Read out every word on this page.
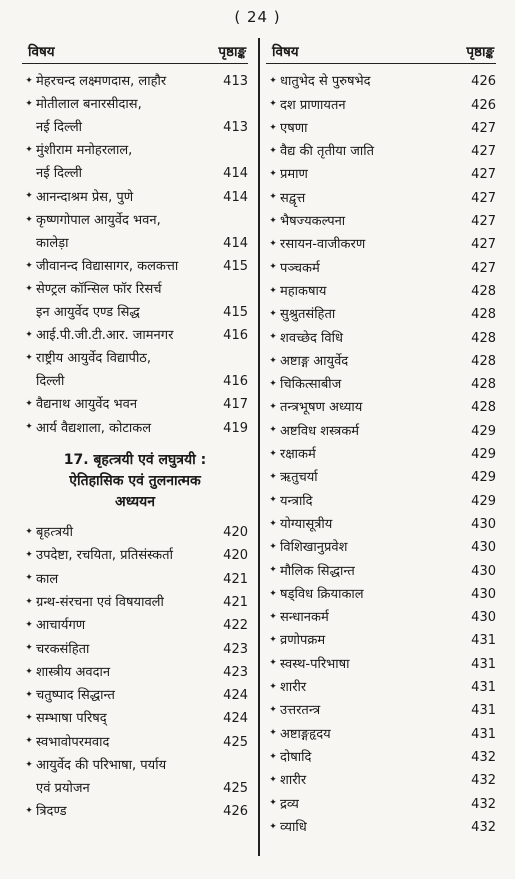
( 24 )
विषय	पृष्ठाङ्क
✦ मेहरचन्द लक्ष्मणदास, लाहौर	413
✦ मोतीलाल बनारसीदास,
नई दिल्ली	413
✦ मुंशीराम मनोहरलाल,
नई दिल्ली	414
✦ आनन्दाश्रम प्रेस, पुणे	414
✦ कृष्णगोपाल आयुर्वेद भवन,
कालेड़ा	414
✦ जीवानन्द विद्यासागर, कलकत्ता	415
✦ सेण्ट्रल कॉन्सिल फॉर रिसर्च
इन आयुर्वेद एण्ड सिद्ध	415
✦ आई.पी.जी.टी.आर. जामनगर	416
✦ राष्ट्रीय आयुर्वेद विद्यापीठ,
दिल्ली	416
✦ वैद्यनाथ आयुर्वेद भवन	417
✦ आर्य वैद्यशाला, कोटाकल	419
17. बृहत्त्रयी एवं लघुत्रयी :
ऐतिहासिक एवं तुलनात्मक
अध्ययन
✦ बृहत्त्रयी	420
✦ उपदेष्टा, रचयिता, प्रतिसंस्कर्ता	420
✦ काल	421
✦ ग्रन्थ-संरचना एवं विषयावली	421
✦ आचार्यगण	422
✦ चरकसंहिता	423
✦ शास्त्रीय अवदान	423
✦ चतुष्पाद सिद्धान्त	424
✦ सम्भाषा परिषद्	424
✦ स्वभावोपरमवाद	425
✦ आयुर्वेद की परिभाषा, पर्याय
एवं प्रयोजन	425
✦ त्रिदण्ड	426
विषय	पृष्ठाङ्क
✦ धातुभेद से पुरुषभेद	426
✦ दश प्राणायतन	426
✦ एषणा	427
✦ वैद्य की तृतीया जाति	427
✦ प्रमाण	427
✦ सद्वृत्त	427
✦ भैषज्यकल्पना	427
✦ रसायन-वाजीकरण	427
✦ पञ्चकर्म	427
✦ महाकषाय	428
✦ सुश्रुतसंहिता	428
✦ शवच्छेद विधि	428
✦ अष्टाङ्ग आयुर्वेद	428
✦ चिकित्साबीज	428
✦ तन्त्रभूषण अध्याय	428
✦ अष्टविध शस्त्रकर्म	429
✦ रक्षाकर्म	429
✦ ऋतुचर्या	429
✦ यन्त्रादि	429
✦ योग्यासूत्रीय	430
✦ विशिखानुप्रवेश	430
✦ मौलिक सिद्धान्त	430
✦ षड्विध क्रियाकाल	430
✦ सन्धानकर्म	430
✦ व्रणोपक्रम	431
✦ स्वस्थ-परिभाषा	431
✦ शारीर	431
✦ उत्तरतन्त्र	431
✦ अष्टाङ्गहृदय	431
✦ दोषादि	432
✦ शारीर	432
✦ द्रव्य	432
✦ व्याधि	432
